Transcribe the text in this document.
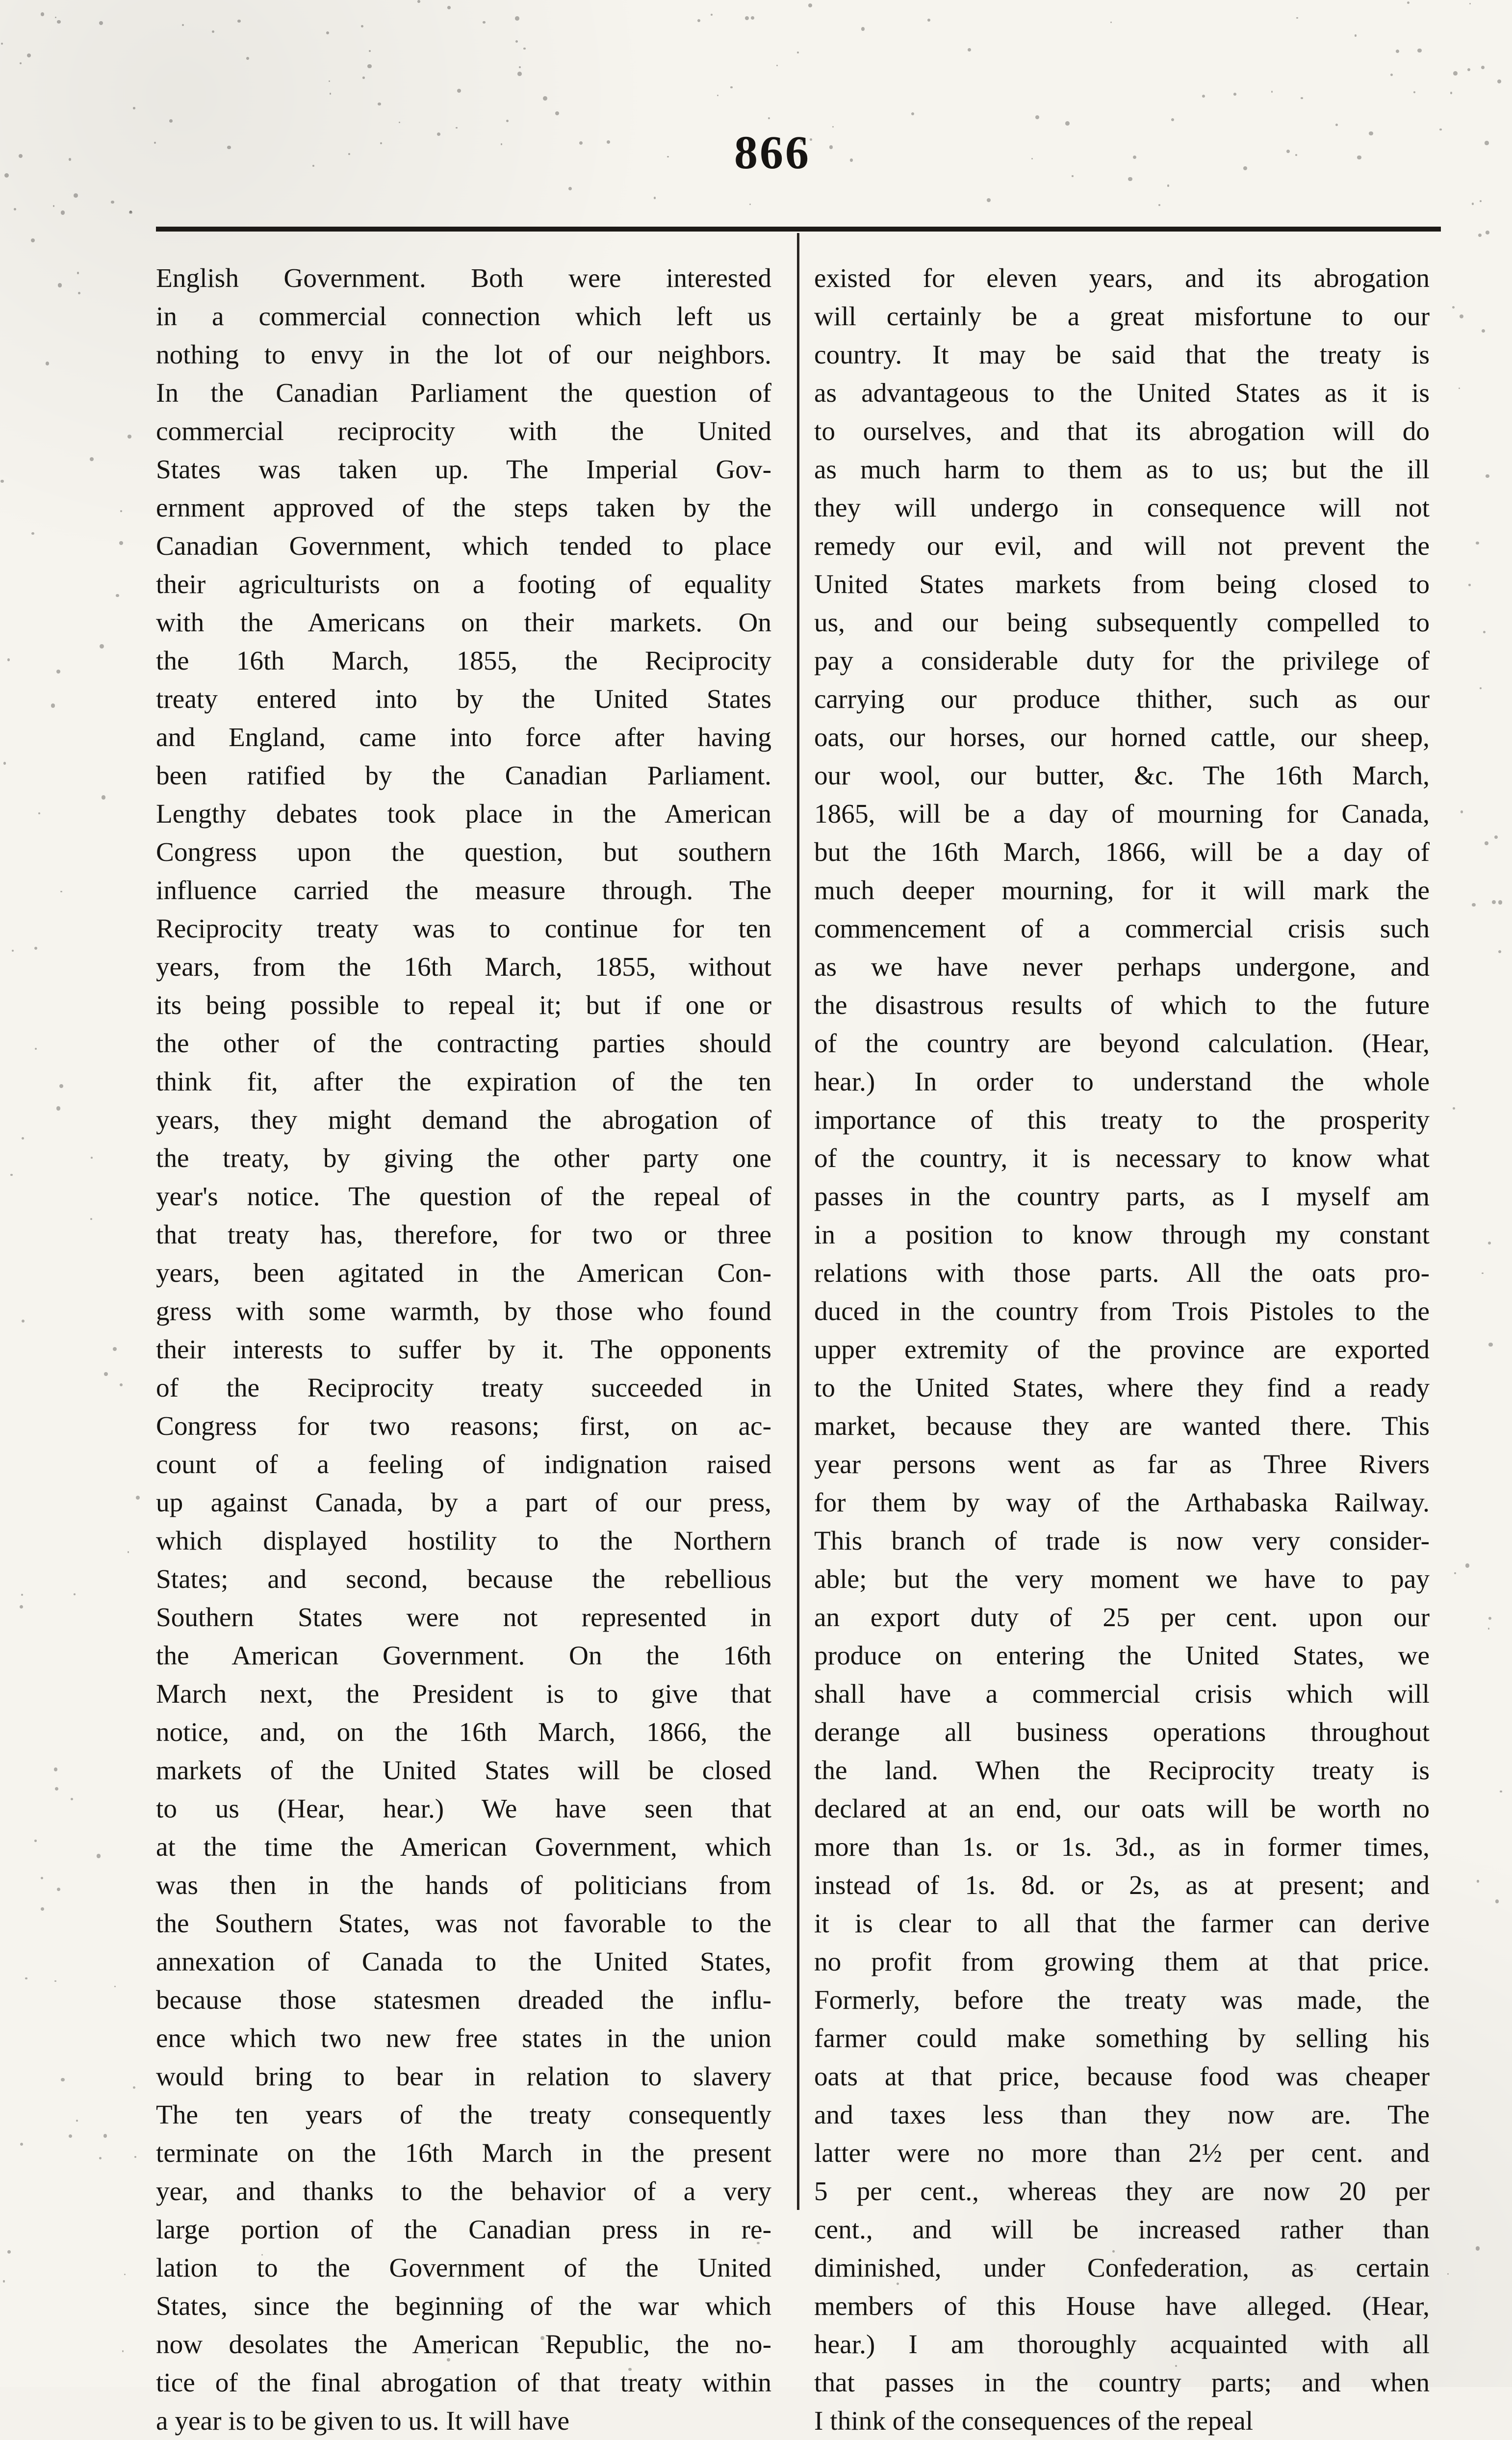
866
English Government. Both were interested
in a commercial connection which left us
nothing to envy in the lot of our neighbors.
In the Canadian Parliament the question of
commercial reciprocity with the United
States was taken up. The Imperial Gov-
ernment approved of the steps taken by the
Canadian Government, which tended to place
their agriculturists on a footing of equality
with the Americans on their markets. On
the 16th March, 1855, the Reciprocity
treaty entered into by the United States
and England, came into force after having
been ratified by the Canadian Parliament.
Lengthy debates took place in the American
Congress upon the question, but southern
influence carried the measure through. The
Reciprocity treaty was to continue for ten
years, from the 16th March, 1855, without
its being possible to repeal it; but if one or
the other of the contracting parties should
think fit, after the expiration of the ten
years, they might demand the abrogation of
the treaty, by giving the other party one
year's notice. The question of the repeal of
that treaty has, therefore, for two or three
years, been agitated in the American Con-
gress with some warmth, by those who found
their interests to suffer by it. The opponents
of the Reciprocity treaty succeeded in
Congress for two reasons; first, on ac-
count of a feeling of indignation raised
up against Canada, by a part of our press,
which displayed hostility to the Northern
States; and second, because the rebellious
Southern States were not represented in
the American Government. On the 16th
March next, the President is to give that
notice, and, on the 16th March, 1866, the
markets of the United States will be closed
to us (Hear, hear.) We have seen that
at the time the American Government, which
was then in the hands of politicians from
the Southern States, was not favorable to the
annexation of Canada to the United States,
because those statesmen dreaded the influ-
ence which two new free states in the union
would bring to bear in relation to slavery
The ten years of the treaty consequently
terminate on the 16th March in the present
year, and thanks to the behavior of a very
large portion of the Canadian press in re-
lation to the Government of the United
States, since the beginning of the war which
now desolates the American Republic, the no-
tice of the final abrogation of that treaty within
a year is to be given to us. It will have
existed for eleven years, and its abrogation
will certainly be a great misfortune to our
country. It may be said that the treaty is
as advantageous to the United States as it is
to ourselves, and that its abrogation will do
as much harm to them as to us; but the ill
they will undergo in consequence will not
remedy our evil, and will not prevent the
United States markets from being closed to
us, and our being subsequently compelled to
pay a considerable duty for the privilege of
carrying our produce thither, such as our
oats, our horses, our horned cattle, our sheep,
our wool, our butter, &c. The 16th March,
1865, will be a day of mourning for Canada,
but the 16th March, 1866, will be a day of
much deeper mourning, for it will mark the
commencement of a commercial crisis such
as we have never perhaps undergone, and
the disastrous results of which to the future
of the country are beyond calculation. (Hear,
hear.) In order to understand the whole
importance of this treaty to the prosperity
of the country, it is necessary to know what
passes in the country parts, as I myself am
in a position to know through my constant
relations with those parts. All the oats pro-
duced in the country from Trois Pistoles to the
upper extremity of the province are exported
to the United States, where they find a ready
market, because they are wanted there. This
year persons went as far as Three Rivers
for them by way of the Arthabaska Railway.
This branch of trade is now very consider-
able; but the very moment we have to pay
an export duty of 25 per cent. upon our
produce on entering the United States, we
shall have a commercial crisis which will
derange all business operations throughout
the land. When the Reciprocity treaty is
declared at an end, our oats will be worth no
more than 1s. or 1s. 3d., as in former times,
instead of 1s. 8d. or 2s, as at present; and
it is clear to all that the farmer can derive
no profit from growing them at that price.
Formerly, before the treaty was made, the
farmer could make something by selling his
oats at that price, because food was cheaper
and taxes less than they now are. The
latter were no more than 2½ per cent. and
5 per cent., whereas they are now 20 per
cent., and will be increased rather than
diminished, under Confederation, as certain
members of this House have alleged. (Hear,
hear.) I am thoroughly acquainted with all
that passes in the country parts; and when
I think of the consequences of the repeal
